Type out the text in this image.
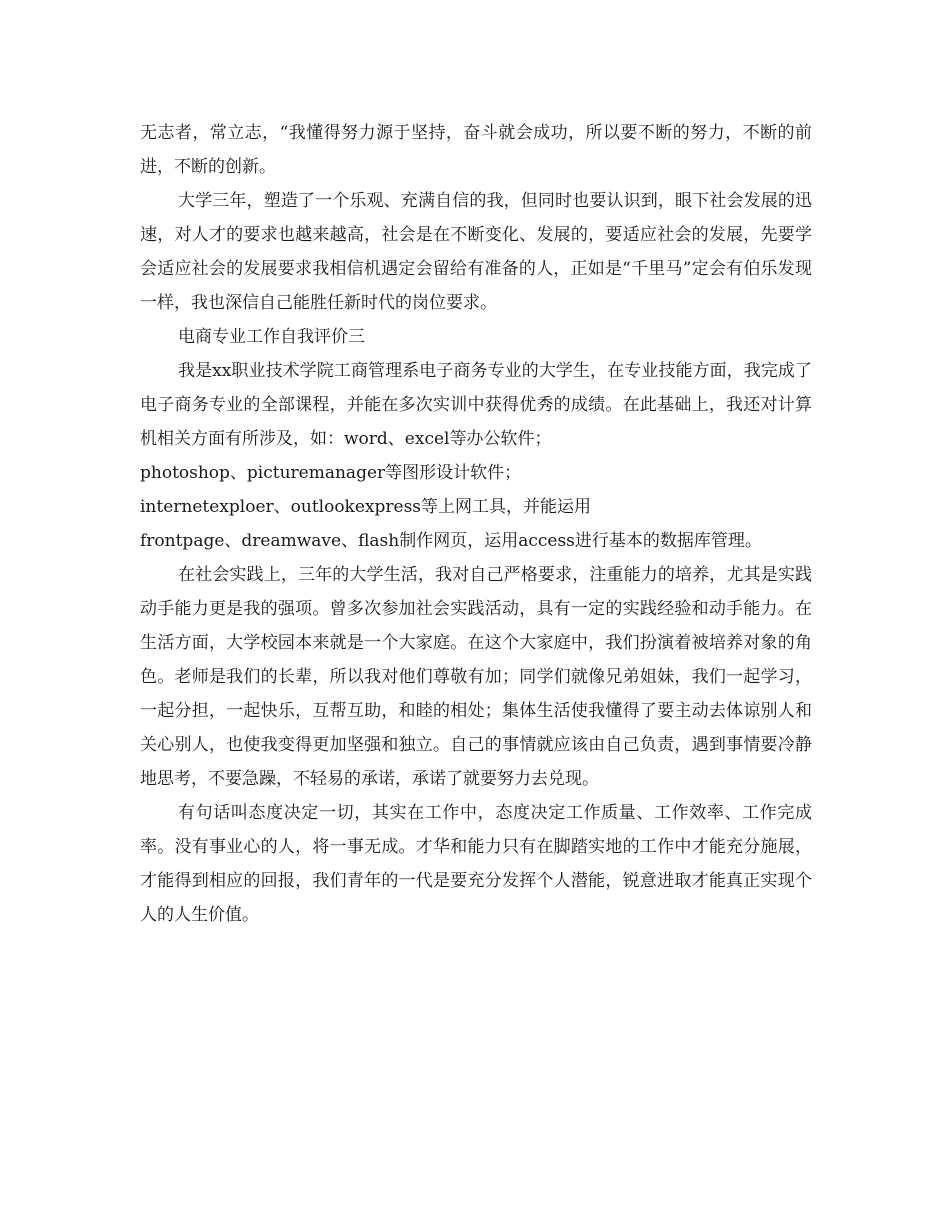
无志者，常立志，“我懂得努力源于坚持，奋斗就会成功，所以要不断的努力，不断的前进，不断的创新。

大学三年，塑造了一个乐观、充满自信的我，但同时也要认识到，眼下社会发展的迅速，对人才的要求也越来越高，社会是在不断变化、发展的，要适应社会的发展，先要学会适应社会的发展要求我相信机遇定会留给有准备的人，正如是“千里马”定会有伯乐发现一样，我也深信自己能胜任新时代的岗位要求。

电商专业工作自我评价三

我是xx职业技术学院工商管理系电子商务专业的大学生，在专业技能方面，我完成了电子商务专业的全部课程，并能在多次实训中获得优秀的成绩。在此基础上，我还对计算机相关方面有所涉及，如：word、excel等办公软件；

photoshop、picturemanager等图形设计软件；

internetexploer、outlookexpress等上网工具，并能运用

frontpage、dreamwave、flash制作网页，运用access进行基本的数据库管理。

在社会实践上，三年的大学生活，我对自己严格要求，注重能力的培养，尤其是实践动手能力更是我的强项。曾多次参加社会实践活动，具有一定的实践经验和动手能力。在生活方面，大学校园本来就是一个大家庭。在这个大家庭中，我们扮演着被培养对象的角色。老师是我们的长辈，所以我对他们尊敬有加；同学们就像兄弟姐妹，我们一起学习，一起分担，一起快乐，互帮互助，和睦的相处；集体生活使我懂得了要主动去体谅别人和关心别人，也使我变得更加坚强和独立。自己的事情就应该由自己负责，遇到事情要冷静地思考，不要急躁，不轻易的承诺，承诺了就要努力去兑现。

有句话叫态度决定一切，其实在工作中，态度决定工作质量、工作效率、工作完成率。没有事业心的人，将一事无成。才华和能力只有在脚踏实地的工作中才能充分施展，才能得到相应的回报，我们青年的一代是要充分发挥个人潜能，锐意进取才能真正实现个人的人生价值。
